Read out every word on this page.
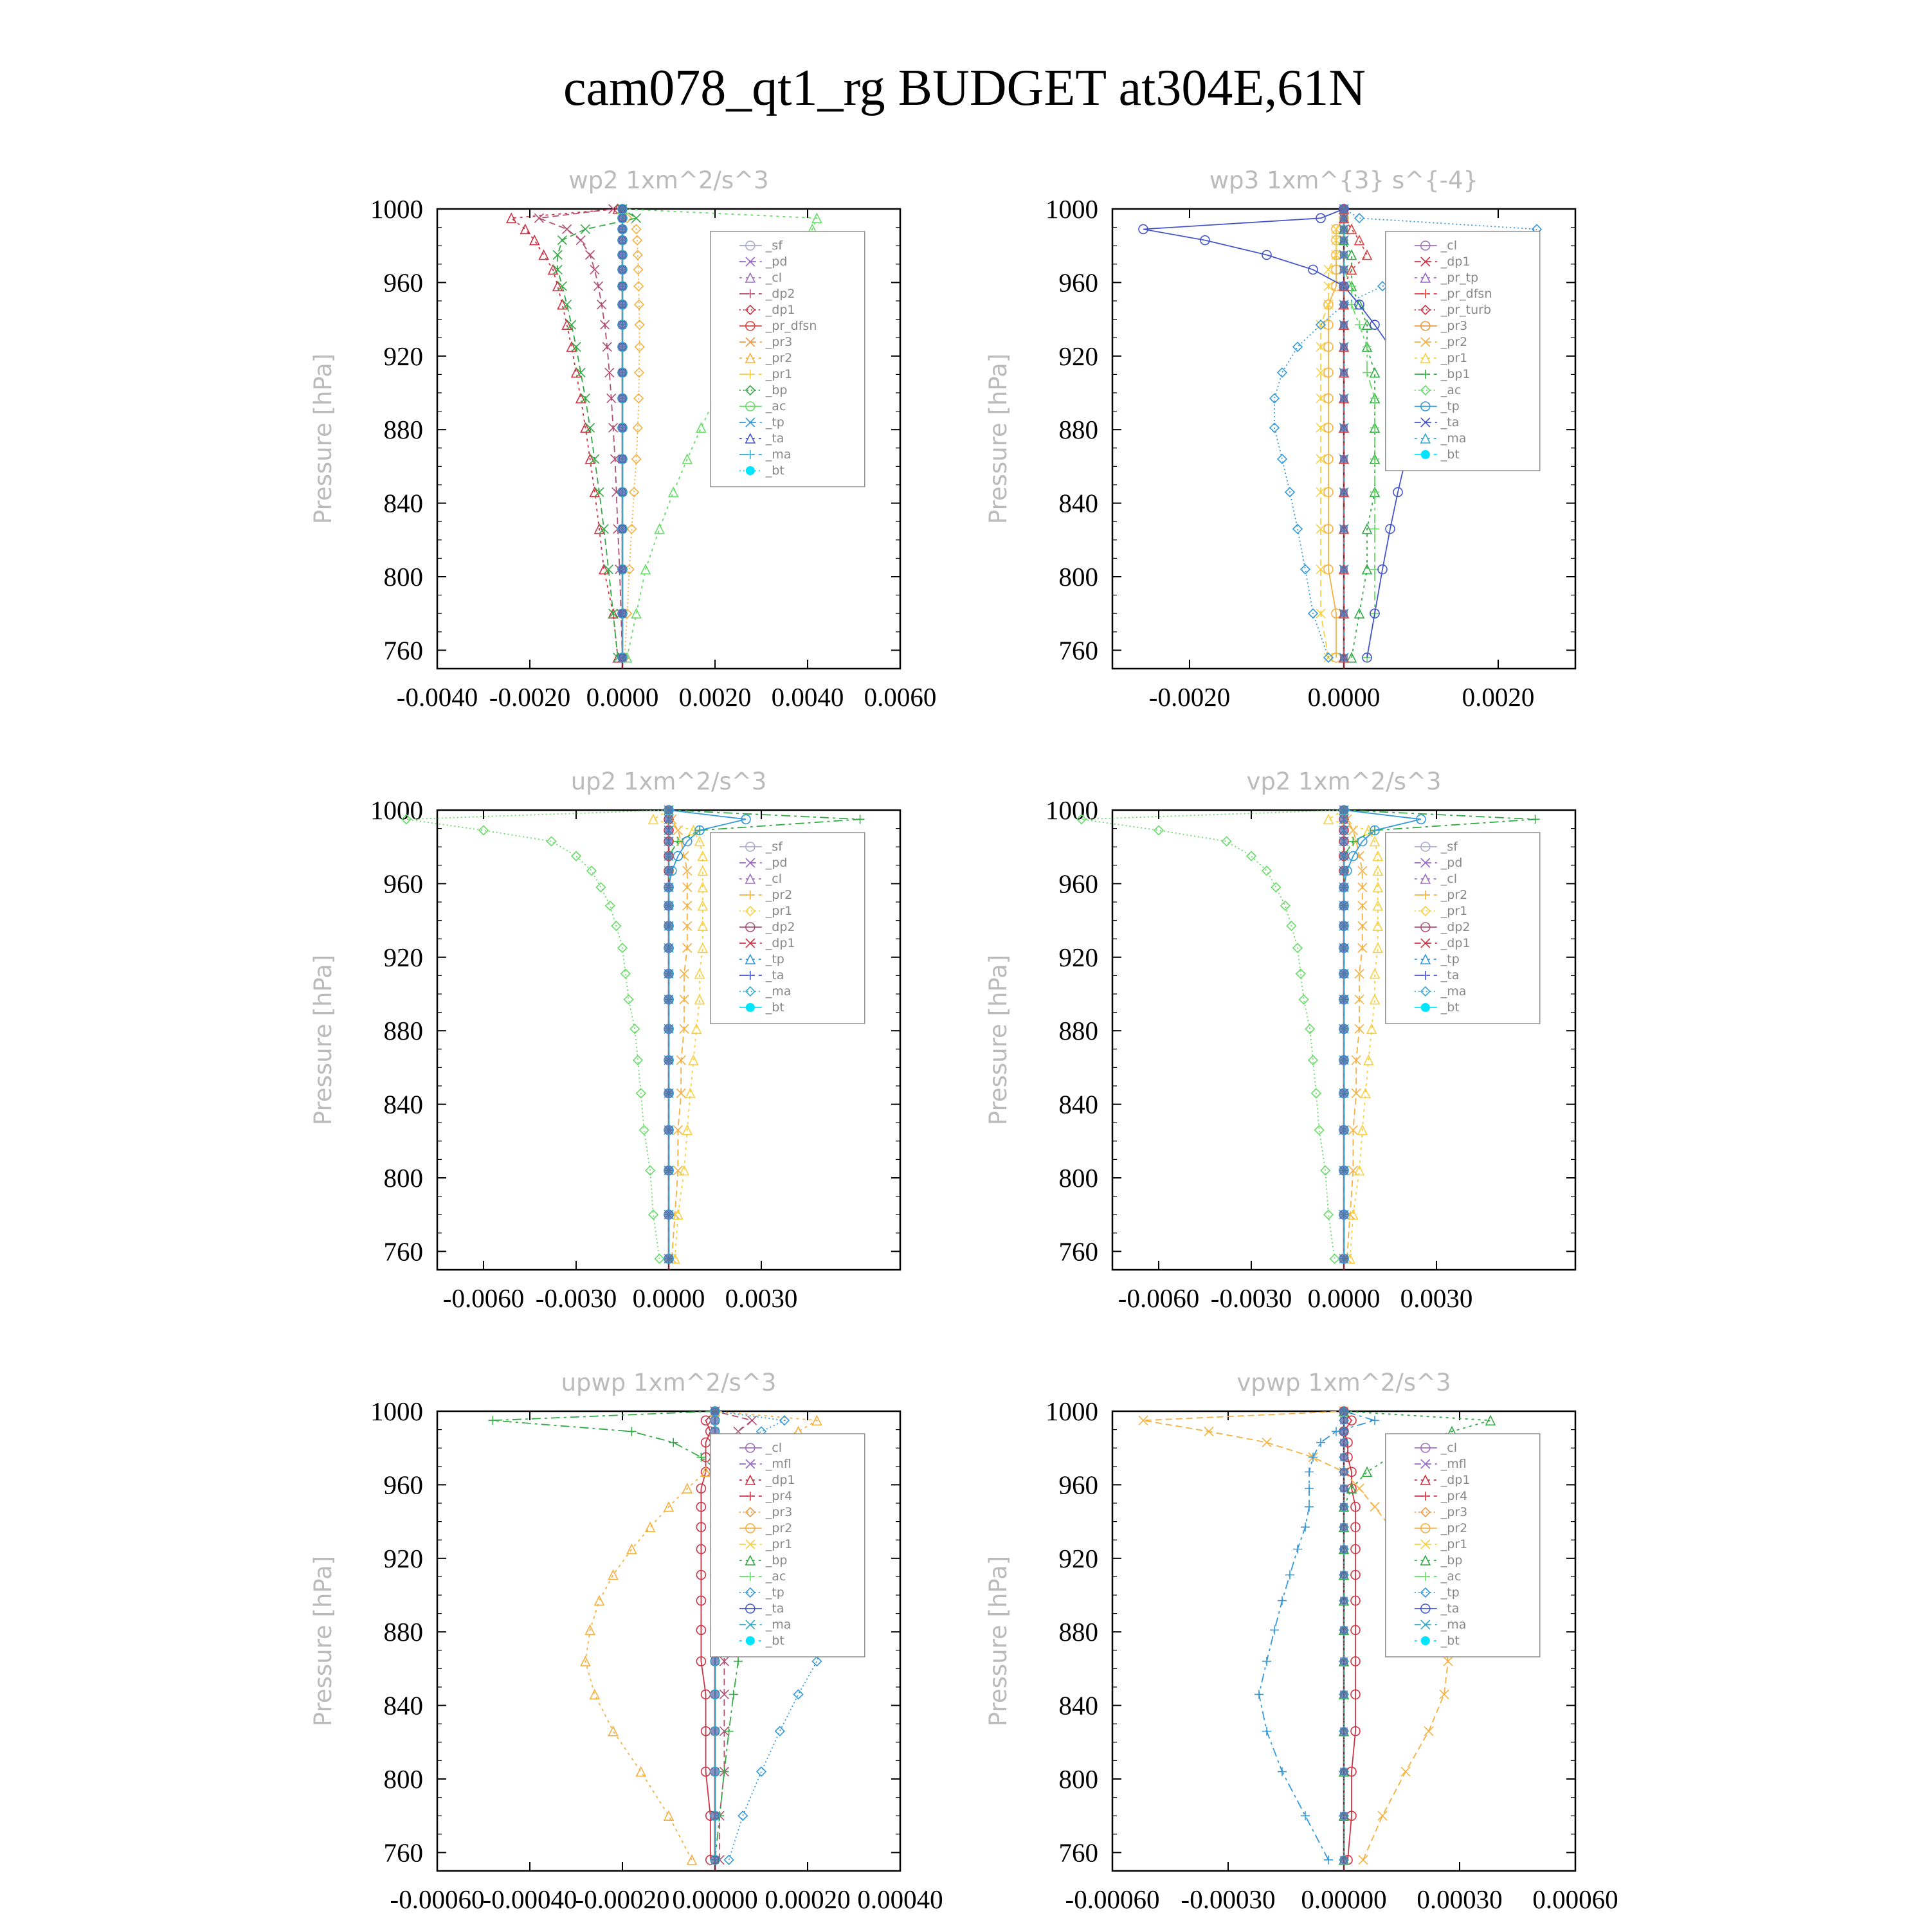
cam078_qt1_rg BUDGET at304E,61N
wp2 1xm^2/s^3
Pressure [hPa]
760
800
840
880
920
960
1000
-0.0040 -0.0020 0.0000 0.0020 0.0040 0.0060
_sf
_pd
_cl
_dp2
_dp1
_pr_dfsn
_pr3
_pr2
_pr1
_bp
_ac
_tp
_ta
_ma
_bt
wp3 1xm^{3} s^{-4}
Pressure [hPa]
760
800
840
880
920
960
1000
-0.0020	0.0000	0.0020
_cl
_dp1
_pr_tp
_pr_dfsn
_pr_turb
_pr3
_pr2
_pr1
_bp1
_ac
_tp
_ta
_ma
_bt
up2 1xm^2/s^3
Pressure [hPa]
760
800
840
880
920
960
1000
-0.0060 -0.0030 0.0000 0.0030
_sf
_pd
_cl
_pr2
_pr1
_dp2
_dp1
_tp
_ta
_ma
_bt
vp2 1xm^2/s^3
Pressure [hPa]
760
800
840
880
920
960
1000
-0.0060 -0.0030 0.0000 0.0030
_sf
_pd
_cl
_pr2
_pr1
_dp2
_dp1
_tp
_ta
_ma
_bt
upwp 1xm^2/s^3
Pressure [hPa]
760
800
840
880
920
960
1000
-0.00060
-0.00040
-0.00020 0.00000 0.00020 0.00040
_cl
_mfl
_dp1
_pr4
_pr3
_pr2
_pr1
_bp
_ac
_tp
_ta
_ma
_bt
vpwp 1xm^2/s^3
Pressure [hPa]
760
800
840
880
920
960
1000
-0.00060 -0.00030 0.00000 0.00030 0.00060
_cl
_mfl
_dp1
_pr4
_pr3
_pr2
_pr1
_bp
_ac
_tp
_ta
_ma
_bt
